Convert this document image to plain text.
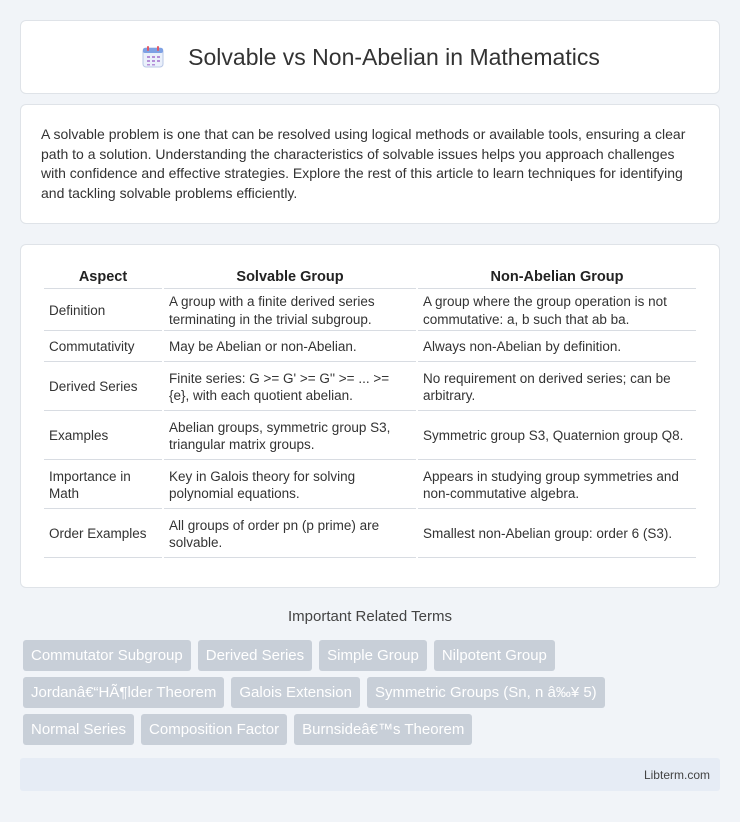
Solvable vs Non-Abelian in Mathematics

A solvable problem is one that can be resolved using logical methods or available tools, ensuring a clear path to a solution. Understanding the characteristics of solvable issues helps you approach challenges with confidence and effective strategies. Explore the rest of this article to learn techniques for identifying and tackling solvable problems efficiently.

Aspect	Solvable Group	Non-Abelian Group
Definition	A group with a finite derived series terminating in the trivial subgroup.	A group where the group operation is not commutative: a, b such that ab ba.
Commutativity	May be Abelian or non-Abelian.	Always non-Abelian by definition.
Derived Series	Finite series: G >= G' >= G'' >= ... >= {e}, with each quotient abelian.	No requirement on derived series; can be arbitrary.
Examples	Abelian groups, symmetric group S3, triangular matrix groups.	Symmetric group S3, Quaternion group Q8.
Importance in Math	Key in Galois theory for solving polynomial equations.	Appears in studying group symmetries and non-commutative algebra.
Order Examples	All groups of order pn (p prime) are solvable.	Smallest non-Abelian group: order 6 (S3).
Important Related Terms
Commutator Subgroup	Derived Series	Simple Group	Nilpotent Group
Jordanâ€“HÃ¶lder Theorem	Galois Extension	Symmetric Groups (Sn, n â‰¥ 5)
Normal Series	Composition Factor	Burnsideâ€™s Theorem
Libterm.com
